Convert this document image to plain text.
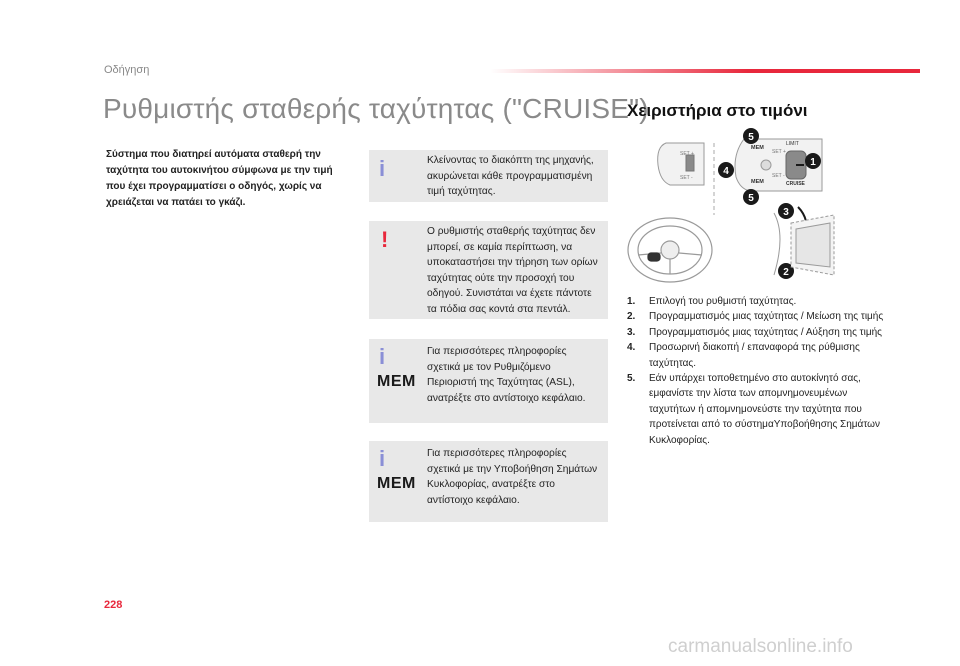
Οδήγηση
Ρυθμιστής σταθερής ταχύτητας ("CRUISE")
Σύστημα που διατηρεί αυτόματα σταθερή την ταχύτητα του αυτοκινήτου σύμφωνα με την τιμή που έχει προγραμματίσει ο οδηγός, χωρίς να χρειάζεται να πατάει το γκάζι.
i	Κλείνοντας το διακόπτη της μηχανής, ακυρώνεται κάθε προγραμματισμένη τιμή ταχύτητας.
!	Ο ρυθμιστής σταθερής ταχύτητας δεν μπορεί, σε καμία περίπτωση, να υποκαταστήσει την τήρηση των ορίων ταχύτητας ούτε την προσοχή του οδηγού. Συνιστάται να έχετε πάντοτε τα πόδια σας κοντά στα πεντάλ.
i
MEM
Για περισσότερες πληροφορίες σχετικά με τον Ρυθμιζόμενο Περιοριστή της Ταχύτητας (ASL), ανατρέξτε στο αντίστοιχο κεφάλαιο.
i
MEM
Για περισσότερες πληροφορίες σχετικά με την Υποβοήθηση Σημάτων Κυκλοφορίας, ανατρέξτε στο αντίστοιχο κεφάλαιο.
Χειριστήρια στο τιμόνι
SET +
SET -
MEM
LIMIT
SET +
SET -
MEM	CRUISE
5
4
5
1
3
2
1. Επιλογή του ρυθμιστή ταχύτητας.
2. Προγραμματισμός μιας ταχύτητας / Μείωση της τιμής
3. Προγραμματισμός μιας ταχύτητας / Αύξηση της τιμής
4. Προσωρινή διακοπή / επαναφορά της ρύθμισης ταχύτητας.
5. Εάν υπάρχει τοποθετημένο στο αυτοκίνητό σας, εμφανίστε την λίστα των απομνημονευμένων ταχυτήτων ή απομνημονεύστε την ταχύτητα που προτείνεται από το σύστημαΥποβοήθησης Σημάτων Κυκλοφορίας.
228
carmanualsonline.info
